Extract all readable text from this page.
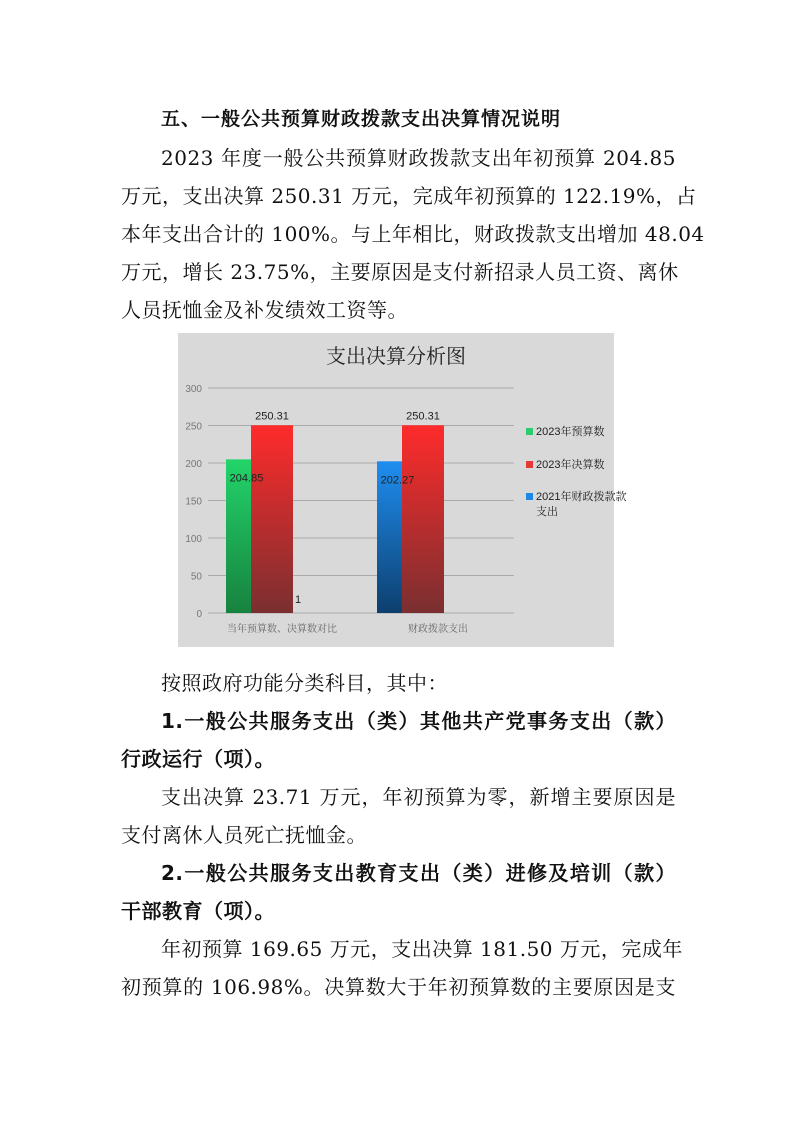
五、一般公共预算财政拨款支出决算情况说明
2023 年度一般公共预算财政拨款支出年初预算 204.85
万元，支出决算 250.31 万元，完成年初预算的 122.19%，占
本年支出合计的 100%。与上年相比，财政拨款支出增加 48.04
万元，增长 23.75%，主要原因是支付新招录人员工资、离休
人员抚恤金及补发绩效工资等。
支出决算分析图
0
50
100
150
200
250
300
204.85
250.31
202.27
250.31
1
当年预算数、决算数对比	财政拨款支出
2023年预算数
2023年决算数
2021年财政拨款款
支出
按照政府功能分类科目，其中：
1.一般公共服务支出（类）其他共产党事务支出（款）
行政运行（项）。
支出决算 23.71 万元，年初预算为零，新增主要原因是
支付离休人员死亡抚恤金。
2.一般公共服务支出教育支出（类）进修及培训（款）
干部教育（项）。
年初预算 169.65 万元，支出决算 181.50 万元，完成年
初预算的 106.98%。决算数大于年初预算数的主要原因是支
